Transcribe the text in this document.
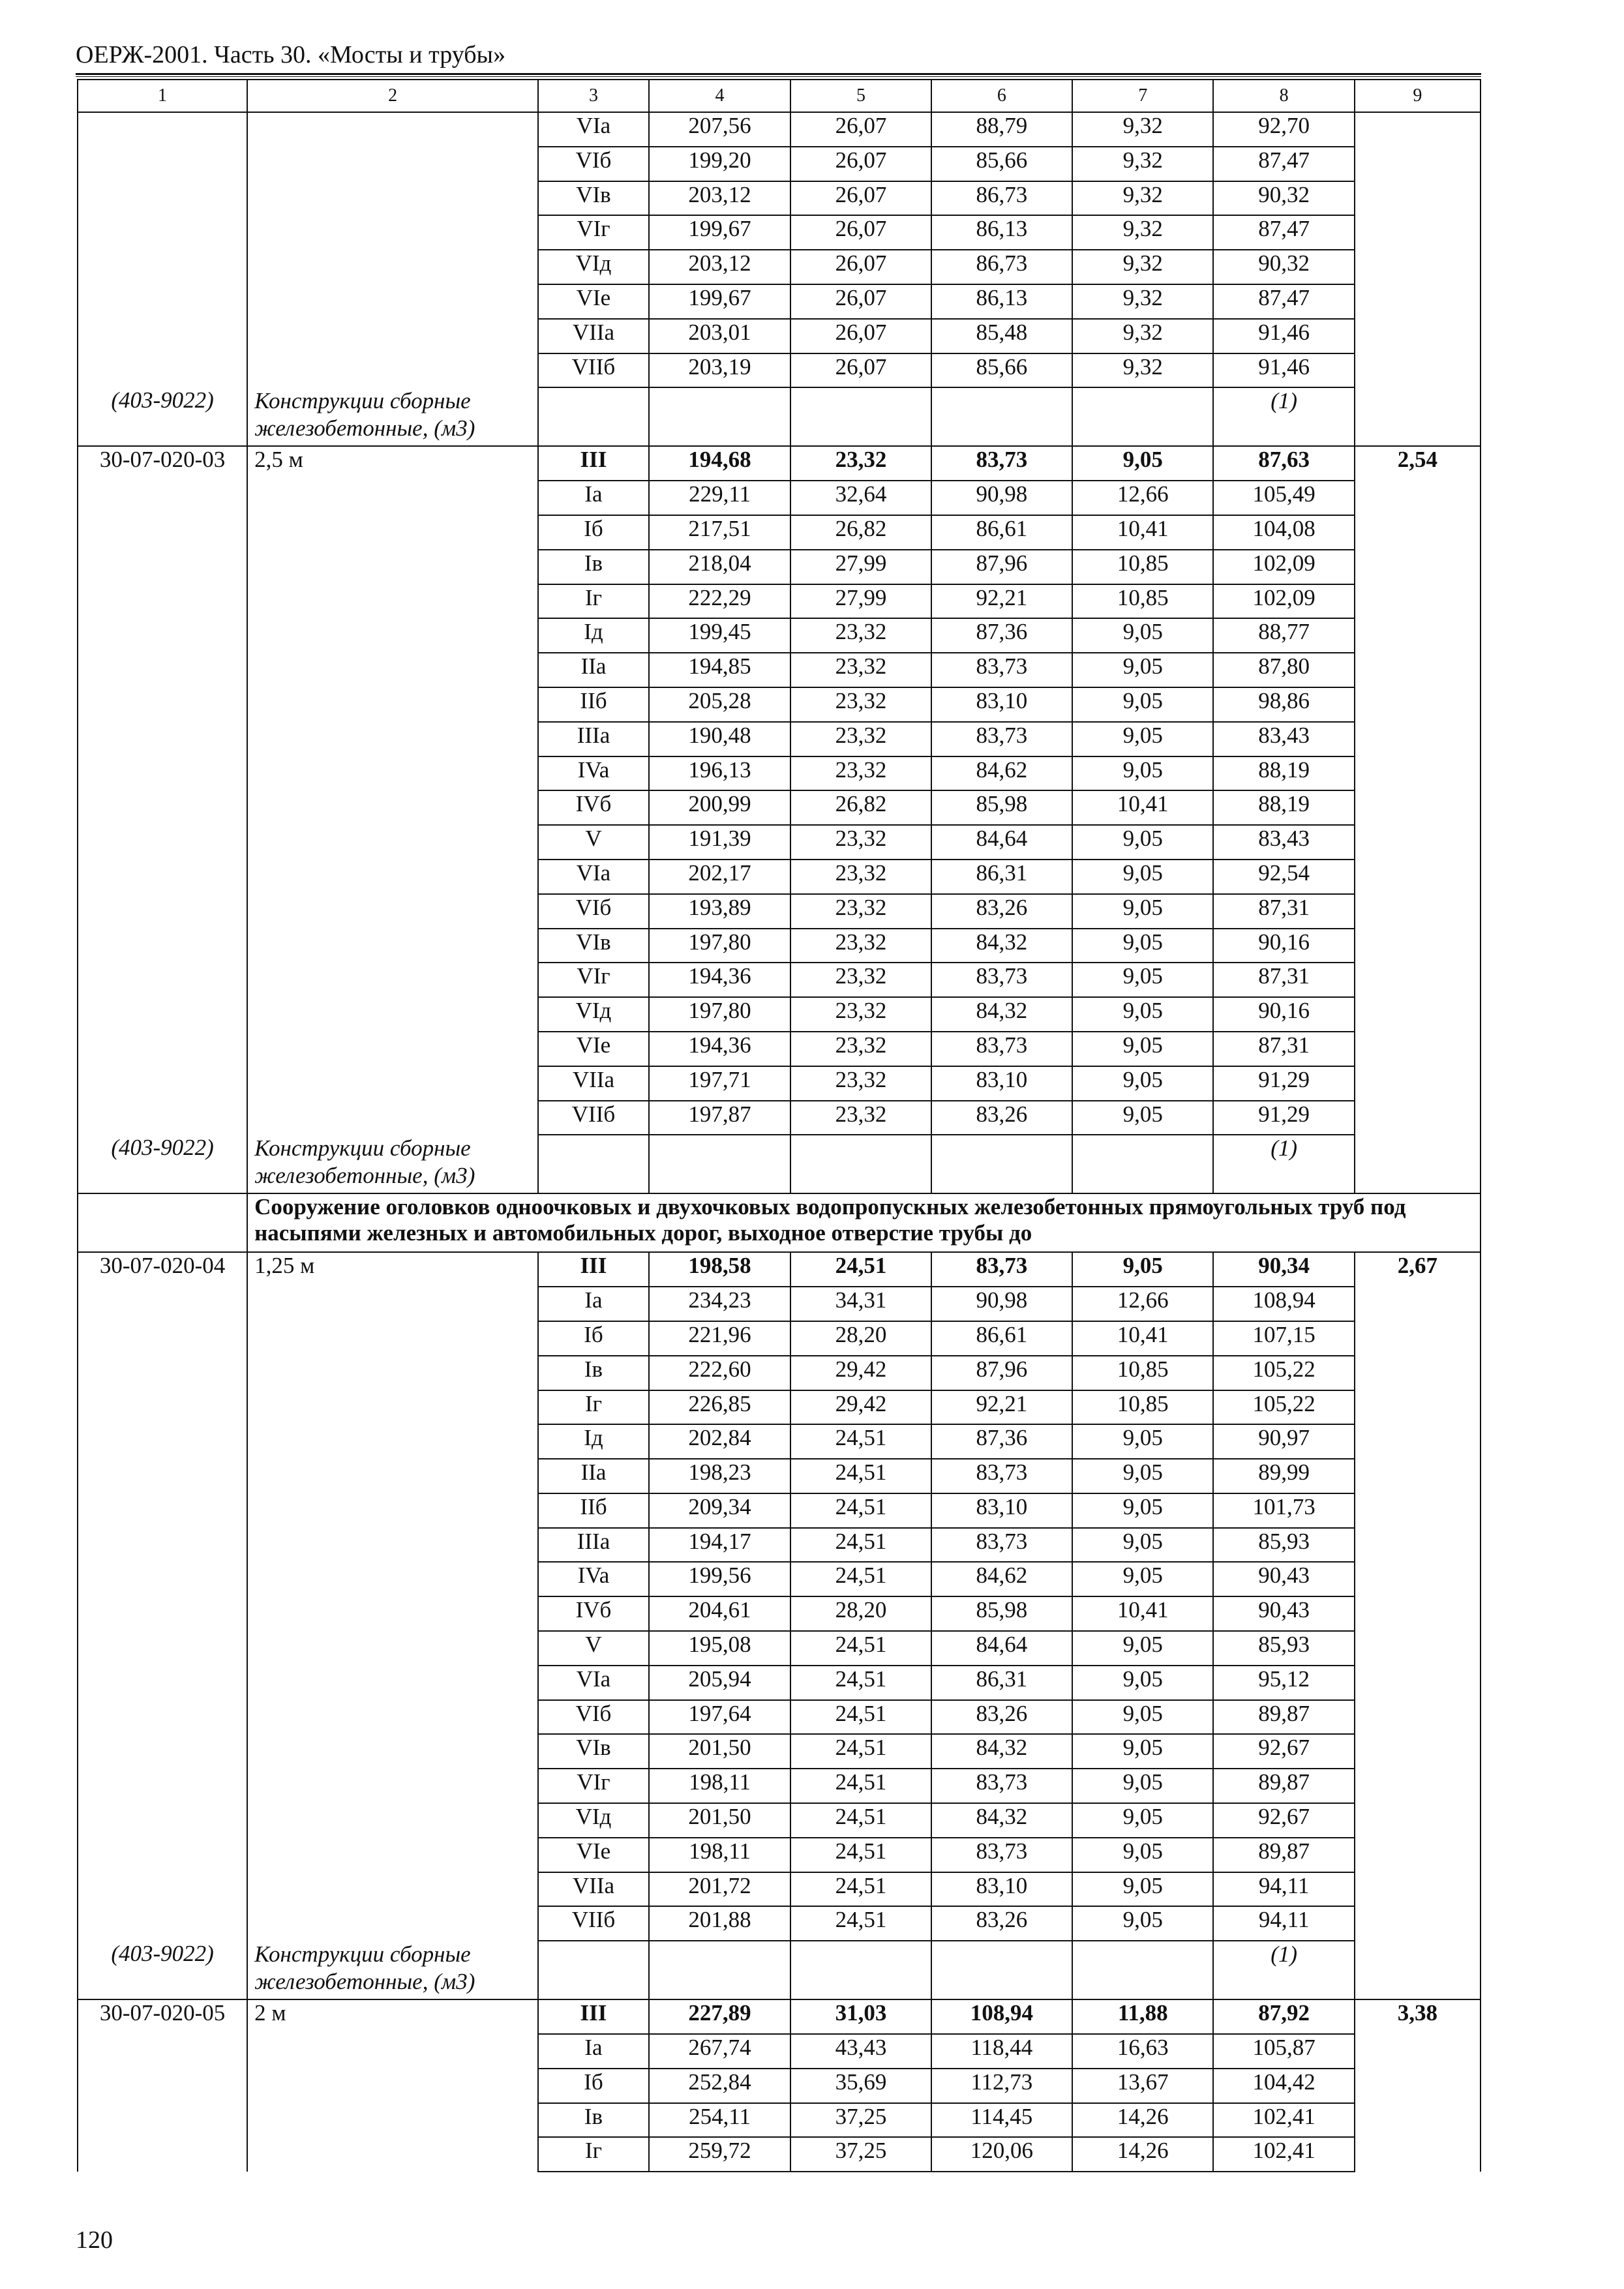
ОЕРЖ-2001. Часть 30. «Мосты и трубы»
1	2	3	4	5	6	7	8	9
		VIa	207,56	26,07	88,79	9,32	92,70	
		VIб	199,20	26,07	85,66	9,32	87,47	
		VIв	203,12	26,07	86,73	9,32	90,32	
		VIг	199,67	26,07	86,13	9,32	87,47	
		VIд	203,12	26,07	86,73	9,32	90,32	
		VIе	199,67	26,07	86,13	9,32	87,47	
		VIIa	203,01	26,07	85,48	9,32	91,46	
		VIIб	203,19	26,07	85,66	9,32	91,46	
(403-9022)	Конструкции сборные железобетонные, (м3)						(1)	
30-07-020-03	2,5 м	III	194,68	23,32	83,73	9,05	87,63	2,54
		Ia	229,11	32,64	90,98	12,66	105,49	
		Iб	217,51	26,82	86,61	10,41	104,08	
		Iв	218,04	27,99	87,96	10,85	102,09	
		Iг	222,29	27,99	92,21	10,85	102,09	
		Iд	199,45	23,32	87,36	9,05	88,77	
		IIa	194,85	23,32	83,73	9,05	87,80	
		IIб	205,28	23,32	83,10	9,05	98,86	
		IIIa	190,48	23,32	83,73	9,05	83,43	
		IVa	196,13	23,32	84,62	9,05	88,19	
		IVб	200,99	26,82	85,98	10,41	88,19	
		V	191,39	23,32	84,64	9,05	83,43	
		VIa	202,17	23,32	86,31	9,05	92,54	
		VIб	193,89	23,32	83,26	9,05	87,31	
		VIв	197,80	23,32	84,32	9,05	90,16	
		VIг	194,36	23,32	83,73	9,05	87,31	
		VIд	197,80	23,32	84,32	9,05	90,16	
		VIе	194,36	23,32	83,73	9,05	87,31	
		VIIa	197,71	23,32	83,10	9,05	91,29	
		VIIб	197,87	23,32	83,26	9,05	91,29	
(403-9022)	Конструкции сборные железобетонные, (м3)						(1)	
	Сооружение оголовков одноочковых и двухочковых водопропускных железобетонных прямоугольных труб под насыпями железных и автомобильных дорог, выходное отверстие трубы до							
30-07-020-04	1,25 м	III	198,58	24,51	83,73	9,05	90,34	2,67
		Ia	234,23	34,31	90,98	12,66	108,94	
		Iб	221,96	28,20	86,61	10,41	107,15	
		Iв	222,60	29,42	87,96	10,85	105,22	
		Iг	226,85	29,42	92,21	10,85	105,22	
		Iд	202,84	24,51	87,36	9,05	90,97	
		IIa	198,23	24,51	83,73	9,05	89,99	
		IIб	209,34	24,51	83,10	9,05	101,73	
		IIIa	194,17	24,51	83,73	9,05	85,93	
		IVa	199,56	24,51	84,62	9,05	90,43	
		IVб	204,61	28,20	85,98	10,41	90,43	
		V	195,08	24,51	84,64	9,05	85,93	
		VIa	205,94	24,51	86,31	9,05	95,12	
		VIб	197,64	24,51	83,26	9,05	89,87	
		VIв	201,50	24,51	84,32	9,05	92,67	
		VIг	198,11	24,51	83,73	9,05	89,87	
		VIд	201,50	24,51	84,32	9,05	92,67	
		VIе	198,11	24,51	83,73	9,05	89,87	
		VIIa	201,72	24,51	83,10	9,05	94,11	
		VIIб	201,88	24,51	83,26	9,05	94,11	
(403-9022)	Конструкции сборные железобетонные, (м3)						(1)	
30-07-020-05	2 м	III	227,89	31,03	108,94	11,88	87,92	3,38
		Ia	267,74	43,43	118,44	16,63	105,87	
		Iб	252,84	35,69	112,73	13,67	104,42	
		Iв	254,11	37,25	114,45	14,26	102,41	
		Iг	259,72	37,25	120,06	14,26	102,41	
120
